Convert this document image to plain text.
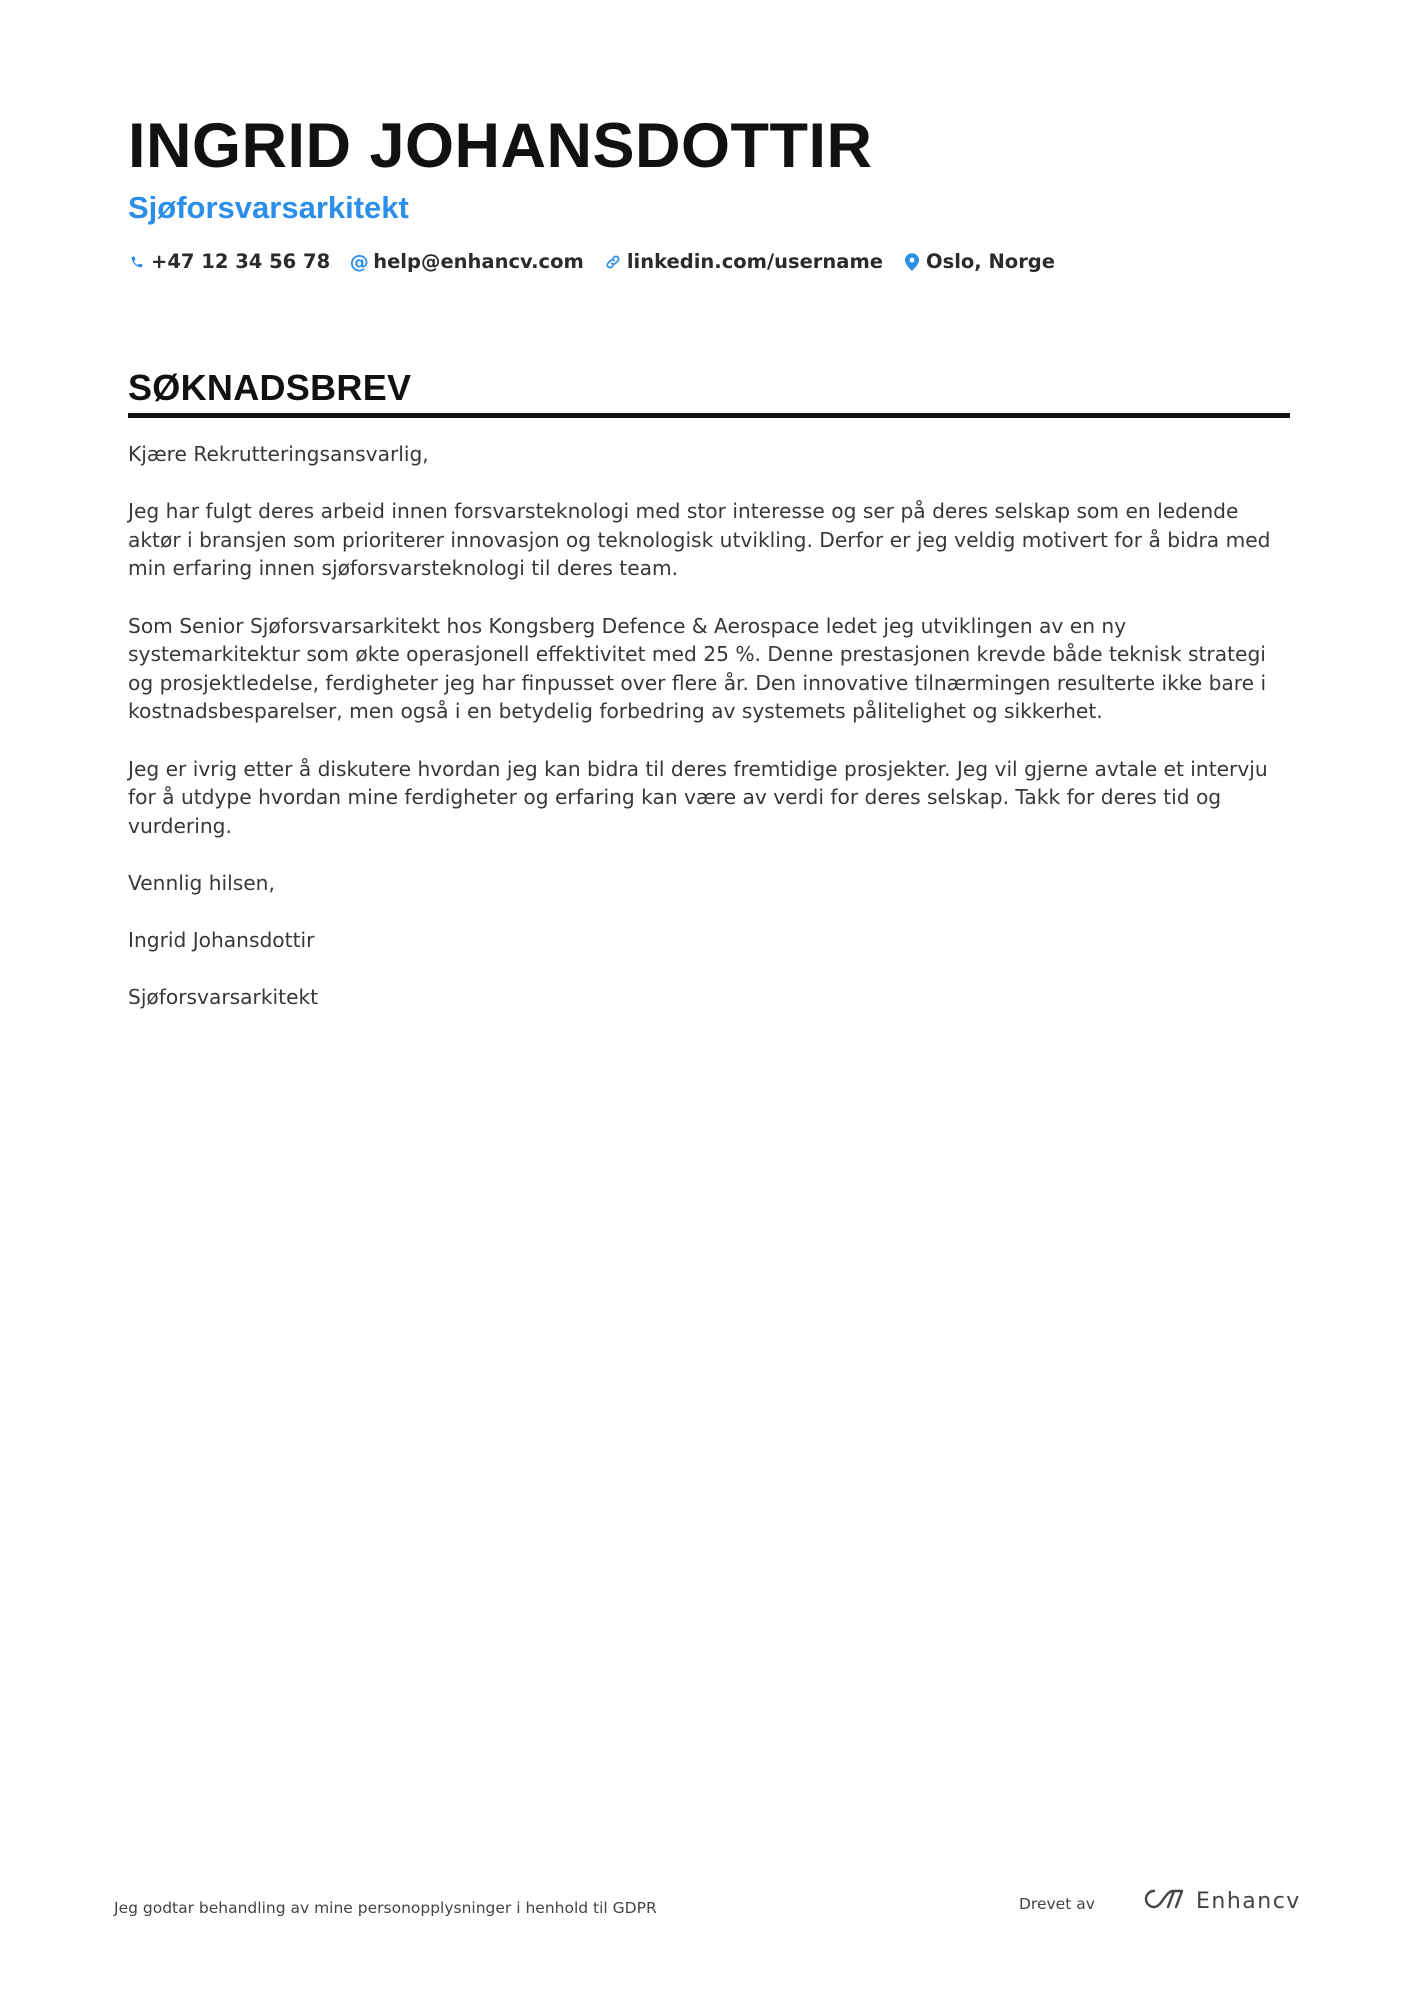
INGRID JOHANSDOTTIR
Sjøforsvarsarkitekt
+47 12 34 56 78 @ help@enhancv.com linkedin.com/username Oslo, Norge
SØKNADSBREV

Kjære Rekrutteringsansvarlig,

Jeg har fulgt deres arbeid innen forsvarsteknologi med stor interesse og ser på deres selskap som en ledende aktør i bransjen som prioriterer innovasjon og teknologisk utvikling. Derfor er jeg veldig motivert for å bidra med min erfaring innen sjøforsvarsteknologi til deres team.

Som Senior Sjøforsvarsarkitekt hos Kongsberg Defence & Aerospace ledet jeg utviklingen av en ny systemarkitektur som økte operasjonell effektivitet med 25 %. Denne prestasjonen krevde både teknisk strategi og prosjektledelse, ferdigheter jeg har finpusset over flere år. Den innovative tilnærmingen resulterte ikke bare i kostnadsbesparelser, men også i en betydelig forbedring av systemets pålitelighet og sikkerhet.

Jeg er ivrig etter å diskutere hvordan jeg kan bidra til deres fremtidige prosjekter. Jeg vil gjerne avtale et intervju for å utdype hvordan mine ferdigheter og erfaring kan være av verdi for deres selskap. Takk for deres tid og vurdering.

Vennlig hilsen,

Ingrid Johansdottir

Sjøforsvarsarkitekt

Jeg godtar behandling av mine personopplysninger i henhold til GDPR	Drevet av	Enhancv
